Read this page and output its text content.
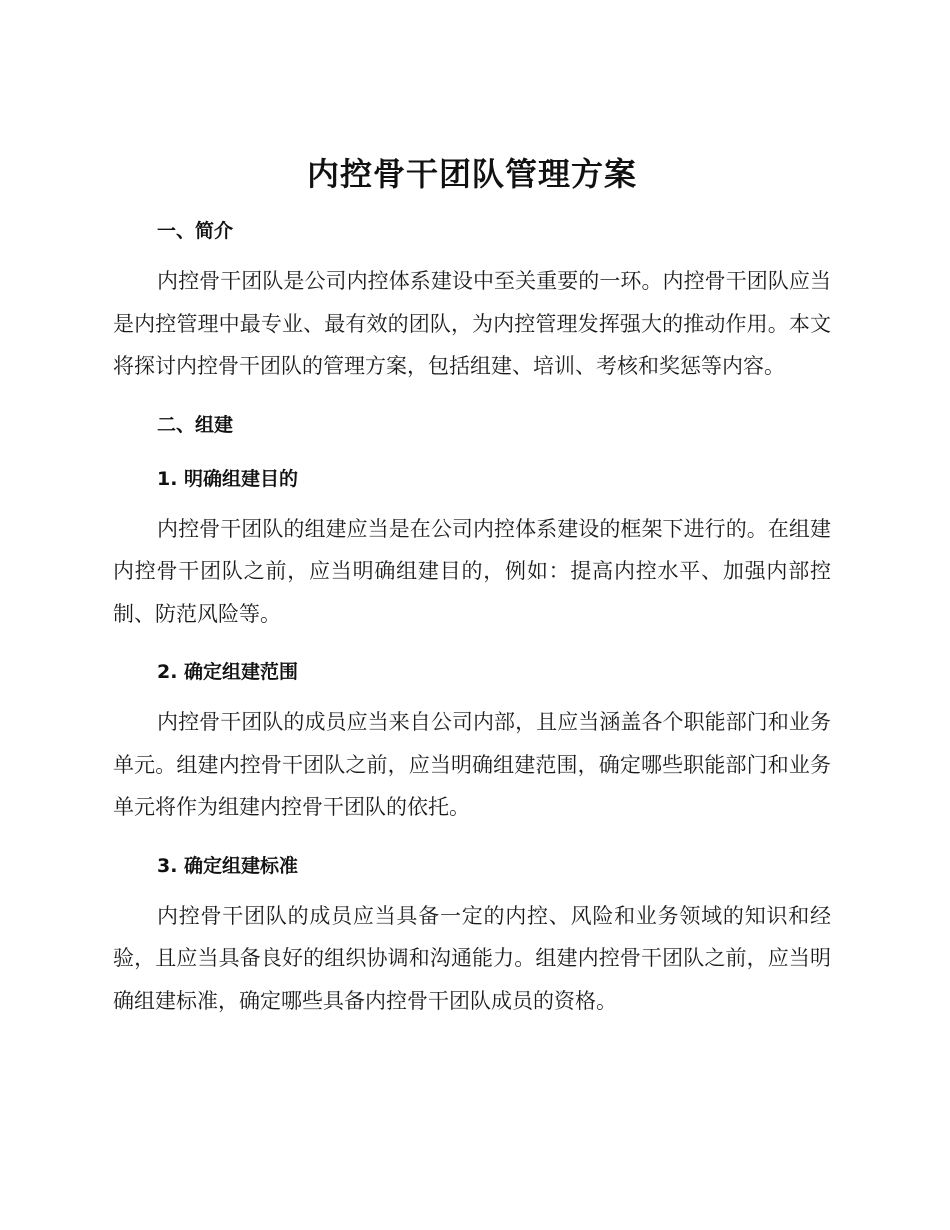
内控骨干团队管理方案
一、简介

内控骨干团队是公司内控体系建设中至关重要的一环。内控骨干团队应当是内控管理中最专业、最有效的团队，为内控管理发挥强大的推动作用。本文将探讨内控骨干团队的管理方案，包括组建、培训、考核和奖惩等内容。

二、组建
1. 明确组建目的

内控骨干团队的组建应当是在公司内控体系建设的框架下进行的。在组建内控骨干团队之前，应当明确组建目的，例如：提高内控水平、加强内部控制、防范风险等。

2. 确定组建范围

内控骨干团队的成员应当来自公司内部，且应当涵盖各个职能部门和业务单元。组建内控骨干团队之前，应当明确组建范围，确定哪些职能部门和业务单元将作为组建内控骨干团队的依托。

3. 确定组建标准

内控骨干团队的成员应当具备一定的内控、风险和业务领域的知识和经验，且应当具备良好的组织协调和沟通能力。组建内控骨干团队之前，应当明确组建标准，确定哪些具备内控骨干团队成员的资格。
